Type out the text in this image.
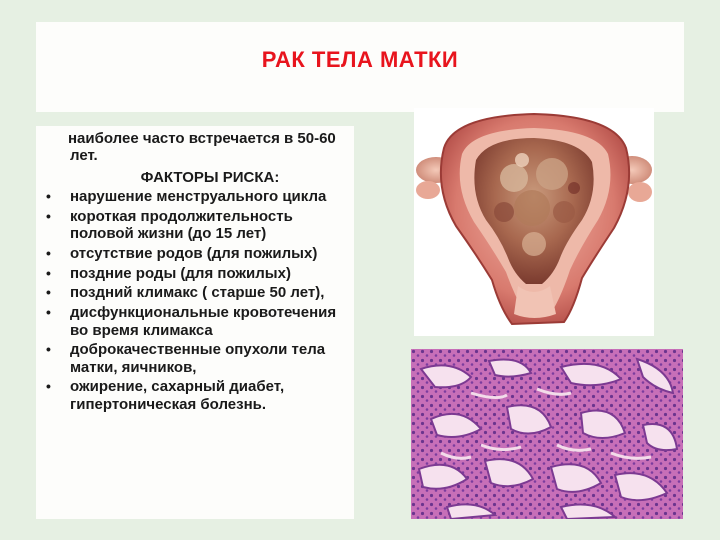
РАК ТЕЛА МАТКИ
наиболее часто встречается в 50-60 лет.
ФАКТОРЫ РИСКА:
• нарушение менструального цикла
• короткая продолжительность половой жизни (до 15 лет)
• отсутствие родов (для пожилых)
• поздние роды (для пожилых)
• поздний климакс ( старше 50 лет),
• дисфункциональные кровотечения во время климакса
• доброкачественные опухоли тела матки, яичников,
• ожирение, сахарный диабет, гипертоническая болезнь.
